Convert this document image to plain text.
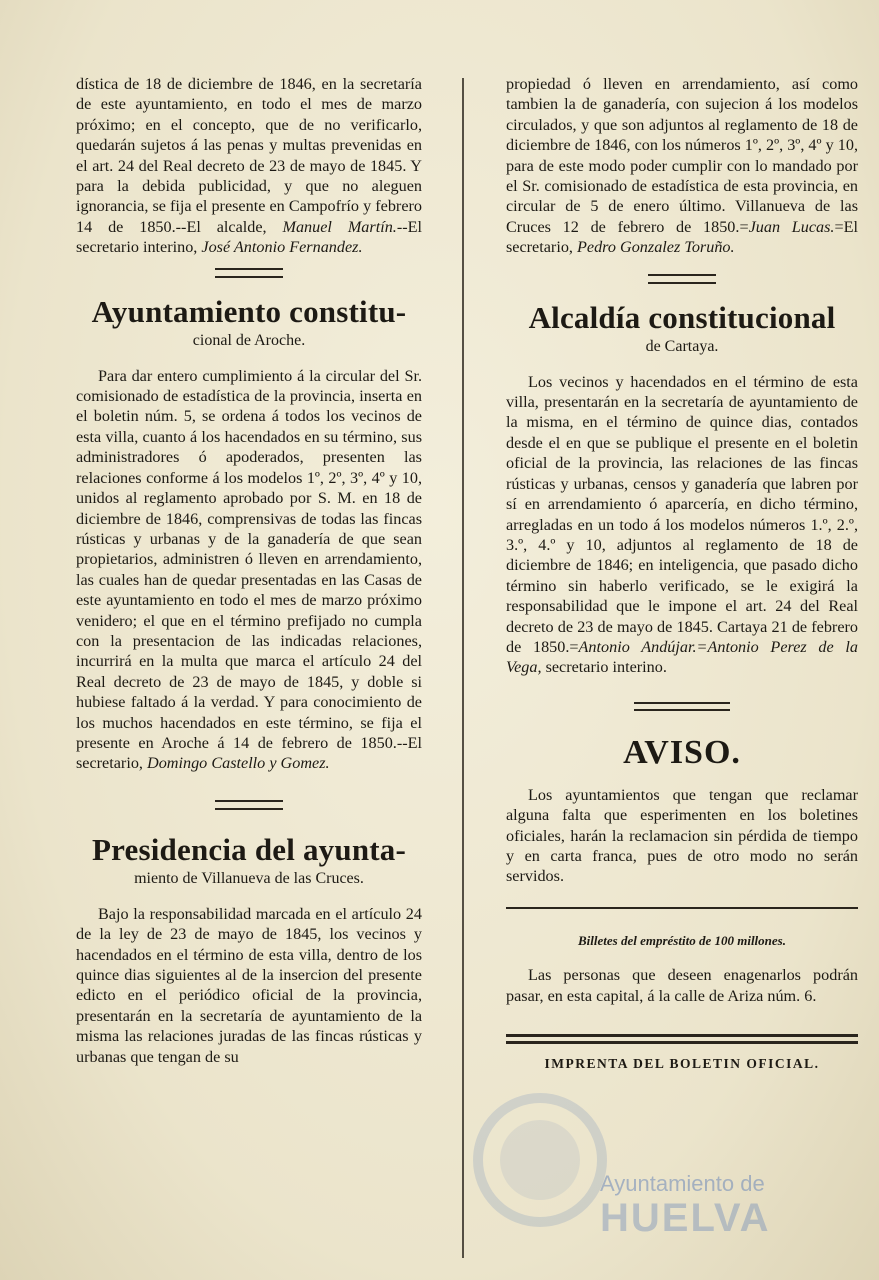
dística de 18 de diciembre de 1846, en la secretaría de este ayuntamiento, en todo el mes de marzo próximo; en el concepto, que de no verificarlo, quedarán sujetos á las penas y multas prevenidas en el art. 24 del Real decreto de 23 de mayo de 1845. Y para la debida publicidad, y que no aleguen ignorancia, se fija el presente en Campofrío y febrero 14 de 1850.--El alcalde, Manuel Martín.--El secretario interino, José Antonio Fernandez.

Ayuntamiento constitu-
cional de Aroche.

Para dar entero cumplimiento á la circular del Sr. comisionado de estadística de la provincia, inserta en el boletin núm. 5, se ordena á todos los vecinos de esta villa, cuanto á los hacendados en su término, sus administradores ó apoderados, presenten las relaciones conforme á los modelos 1º, 2º, 3º, 4º y 10, unidos al reglamento aprobado por S. M. en 18 de diciembre de 1846, comprensivas de todas las fincas rústicas y urbanas y de la ganadería de que sean propietarios, administren ó lleven en arrendamiento, las cuales han de quedar presentadas en las Casas de este ayuntamiento en todo el mes de marzo próximo venidero; el que en el término prefijado no cumpla con la presentacion de las indicadas relaciones, incurrirá en la multa que marca el artículo 24 del Real decreto de 23 de mayo de 1845, y doble si hubiese faltado á la verdad. Y para conocimiento de los muchos hacendados en este término, se fija el presente en Aroche á 14 de febrero de 1850.--El secretario, Domingo Castello y Gomez.

Presidencia del ayunta-
miento de Villanueva de las Cruces.

Bajo la responsabilidad marcada en el artículo 24 de la ley de 23 de mayo de 1845, los vecinos y hacendados en el término de esta villa, dentro de los quince dias siguientes al de la insercion del presente edicto en el periódico oficial de la provincia, presentarán en la secretaría de ayuntamiento de la misma las relaciones juradas de las fincas rústicas y urbanas que tengan de su

propiedad ó lleven en arrendamiento, así como tambien la de ganadería, con sujecion á los modelos circulados, y que son adjuntos al reglamento de 18 de diciembre de 1846, con los números 1º, 2º, 3º, 4º y 10, para de este modo poder cumplir con lo mandado por el Sr. comisionado de estadística de esta provincia, en circular de 5 de enero último. Villanueva de las Cruces 12 de febrero de 1850.=Juan Lucas.=El secretario, Pedro Gonzalez Toruño.

Alcaldía constitucional
de Cartaya.

Los vecinos y hacendados en el término de esta villa, presentarán en la secretaría de ayuntamiento de la misma, en el término de quince dias, contados desde el en que se publique el presente en el boletin oficial de la provincia, las relaciones de las fincas rústicas y urbanas, censos y ganadería que labren por sí en arrendamiento ó aparcería, en dicho término, arregladas en un todo á los modelos números 1.º, 2.º, 3.º, 4.º y 10, adjuntos al reglamento de 18 de diciembre de 1846; en inteligencia, que pasado dicho término sin haberlo verificado, se le exigirá la responsabilidad que le impone el art. 24 del Real decreto de 23 de mayo de 1845. Cartaya 21 de febrero de 1850.=Antonio Andújar.=Antonio Perez de la Vega, secretario interino.

AVISO.

Los ayuntamientos que tengan que reclamar alguna falta que esperimenten en los boletines oficiales, harán la reclamacion sin pérdida de tiempo y en carta franca, pues de otro modo no serán servidos.

Billetes del empréstito de 100 millones.

Las personas que deseen enagenarlos podrán pasar, en esta capital, á la calle de Ariza núm. 6.

IMPRENTA DEL BOLETIN OFICIAL.
Ayuntamiento de
HUELVA
